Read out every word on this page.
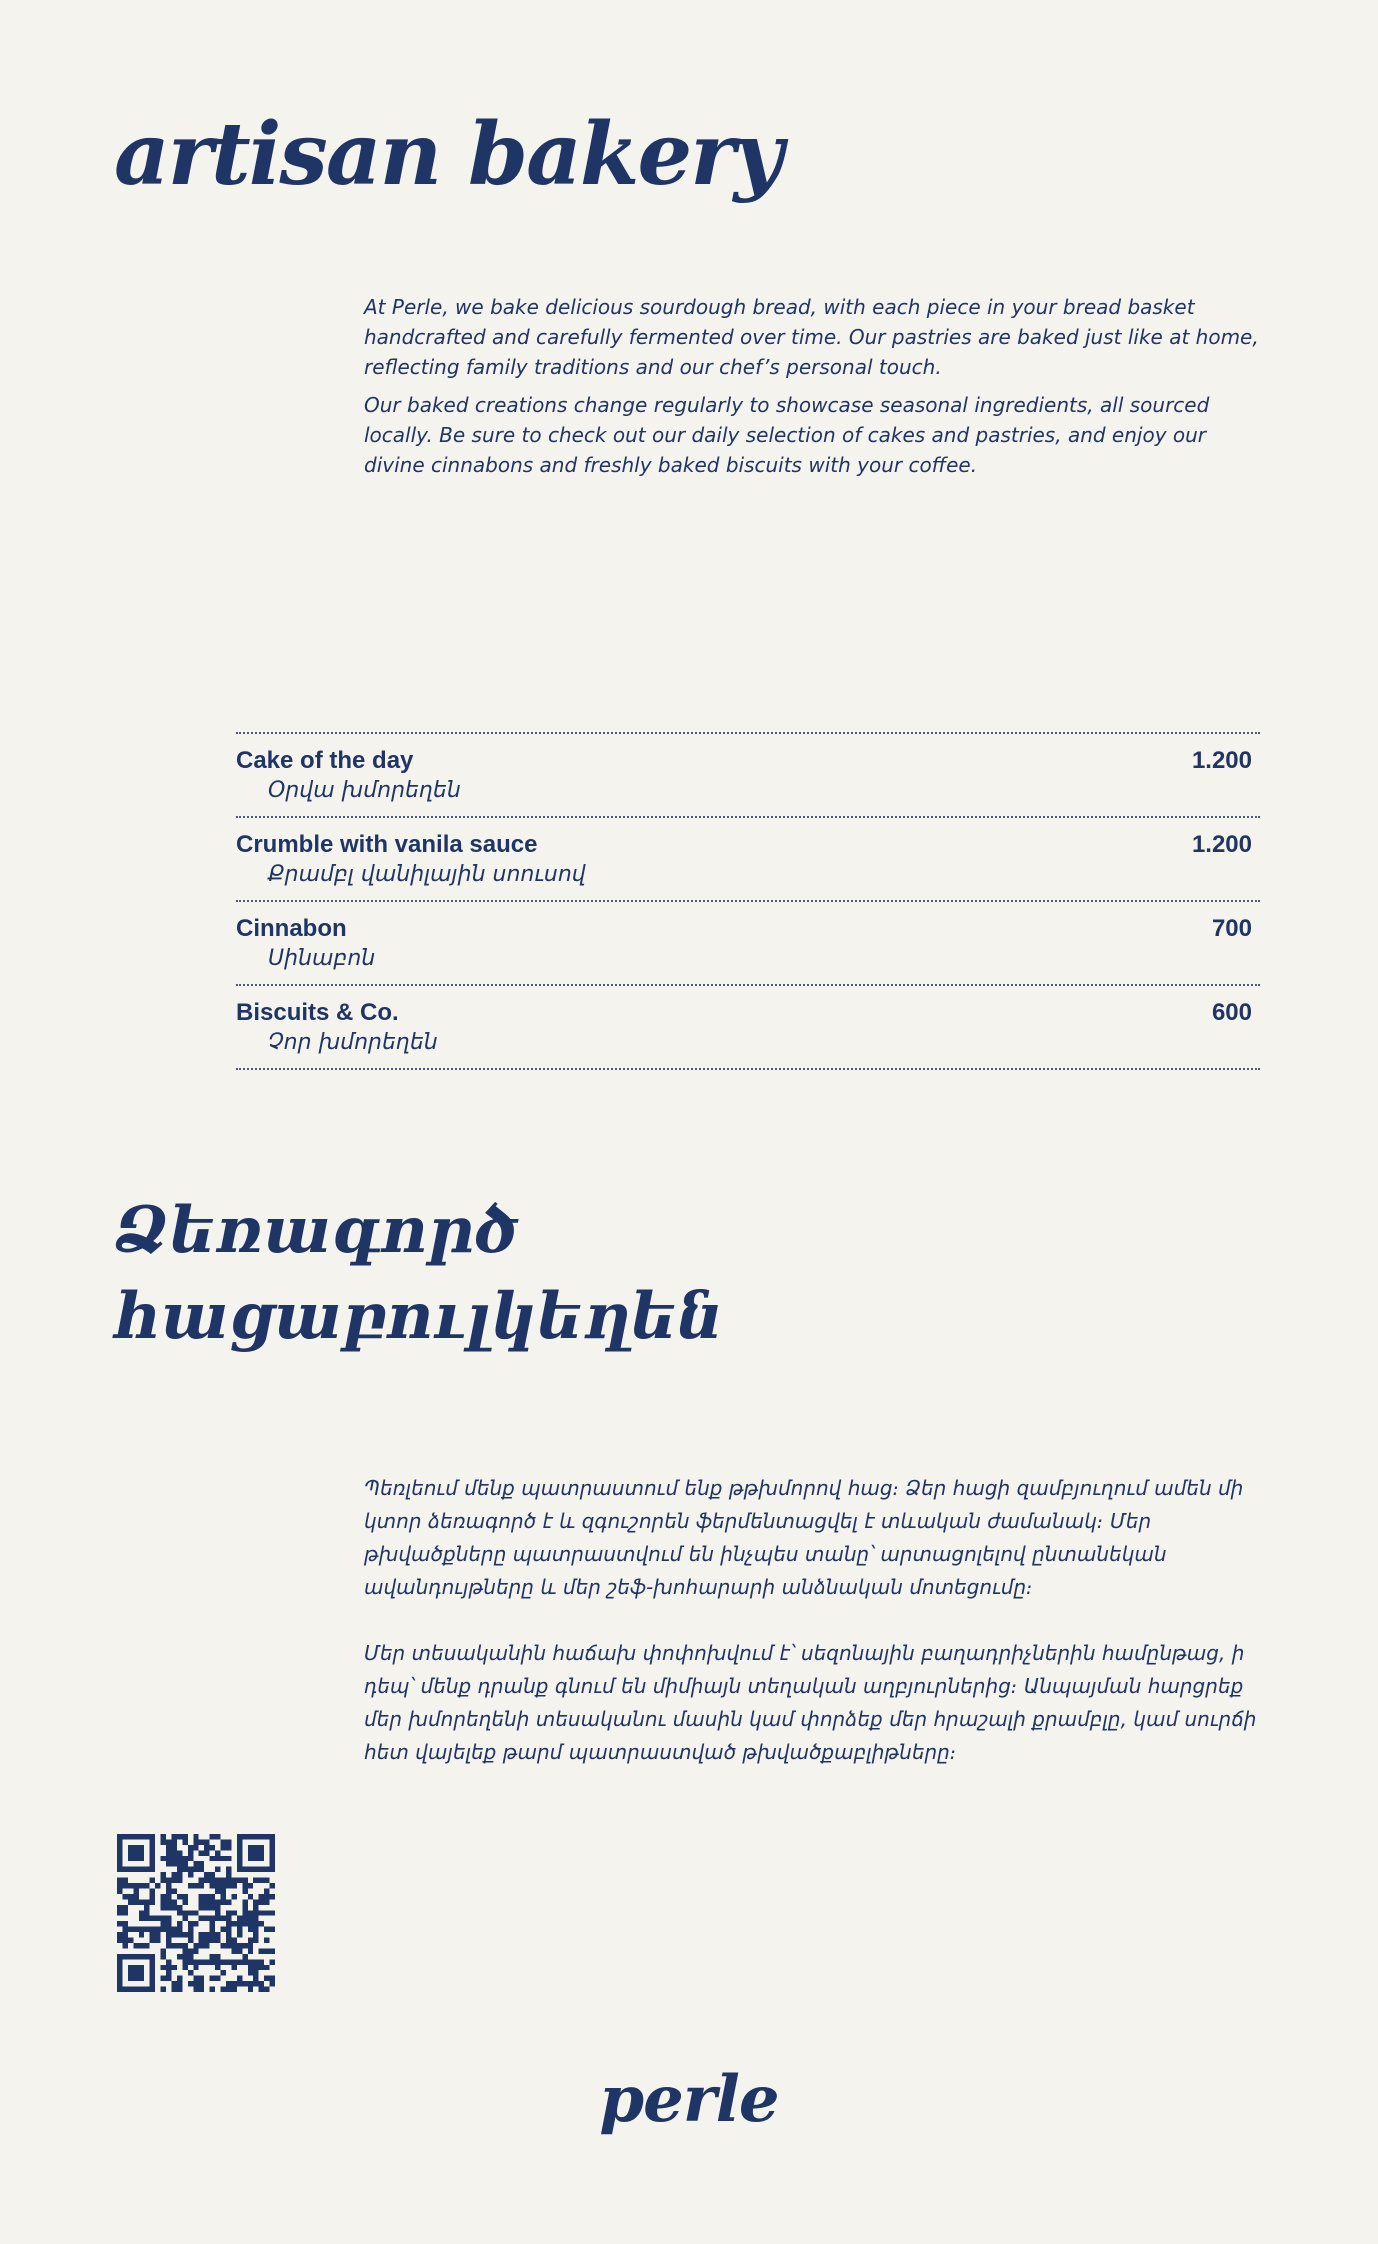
artisan bakery

At Perle, we bake delicious sourdough bread, with each piece in your bread basket handcrafted and carefully fermented over time. Our pastries are baked just like at home, reflecting family traditions and our chef’s personal touch.

Our baked creations change regularly to showcase seasonal ingredients, all sourced locally. Be sure to check out our daily selection of cakes and pastries, and enjoy our divine cinnabons and freshly baked biscuits with your coffee.

Cake of the day
Օրվա խմորեղեն
1.200
Crumble with vanila sauce
Քրամբլ վանիլային սոուսով
1.200
Cinnabon
Սինաբոն
700
Biscuits & Co.
Չոր խմորեղեն
600
Ձեռագործ
հացաբուլկեղեն

Պեռլեում մենք պատրաստում ենք թթխմորով հաց։ Ձեր հացի զամբյուղում ամեն մի կտոր ձեռագործ է և զգուշորեն ֆերմենտացվել է տևական ժամանակ։ Մեր թխվածքները պատրաստվում են ինչպես տանը՝ արտացոլելով ընտանեկան ավանդույթները և մեր շեֆ-խոհարարի անձնական մոտեցումը։

Մեր տեսականին հաճախ փոփոխվում է՝ սեզոնային բաղադրիչներին համընթաց, ի դեպ՝ մենք դրանք գնում են միմիայն տեղական աղբյուրներից։ Անպայման հարցրեք մեր խմորեղենի տեսականու մասին կամ փորձեք մեր հրաշալի քրամբլը, կամ սուրճի հետ վայելեք թարմ պատրաստված թխվածքաբլիթները։

perle
